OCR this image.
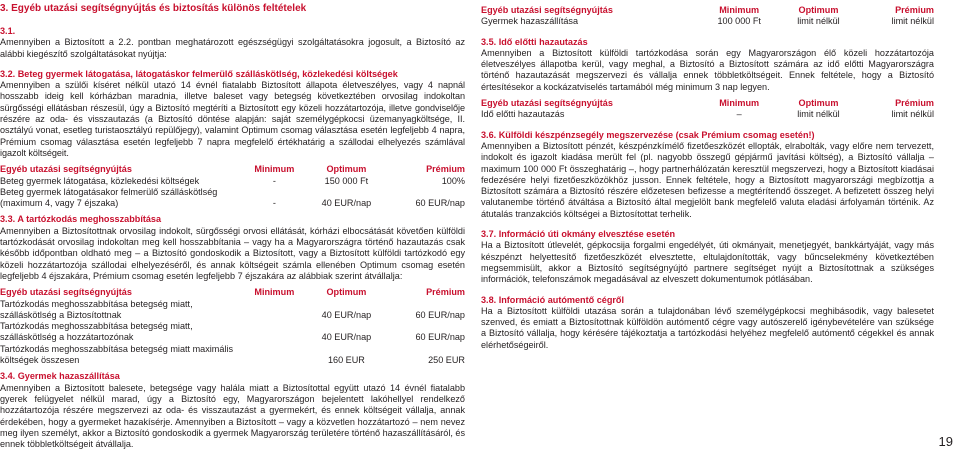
3. Egyéb utazási segítségnyújtás és biztosítás különös feltételek
3.1.

Amennyiben a Biztosított a 2.2. pontban meghatározott egészségügyi szolgáltatásokra jogosult, a Biztosító az alábbi kiegészítő szolgáltatásokat nyújtja:

3.2. Beteg gyermek látogatása, látogatáskor felmerülő szálláskötlség, közlekedési költségek

Amennyiben a szülői kíséret nélkül utazó 14 évnél fiatalabb Biztosított állapota életveszélyes, vagy 4 napnál hosszabb ideig kell kórházban maradnia, illetve baleset vagy betegség következtében orvosilag indokoltan sürgősségi ellátásban részesül, úgy a Biztosító megtéríti a Biztosított egy közeli hozzátartozója, illetve gondviselője részére az oda- és visszautazás (a Biztosító döntése alapján: saját személygépkocsi üzemanyagköltsége, II. osztályú vonat, esetleg turistaosztályú repülőjegy), valamint Optimum csomag választása esetén legfeljebb 4 napra, Prémium csomag választása esetén legfeljebb 7 napra megfelelő értékhatárig a szállodai elhelyezés számlával igazolt költségeit.

Egyéb utazási segítségnyújtás	Minimum	Optimum	Prémium
Beteg gyermek látogatása, közlekedési költségek	-	150 000 Ft	100%
Beteg gyermek látogatásakor felmerülő szálláskötlség (maximum 4, vagy 7 éjszaka)	-	40 EUR/nap	60 EUR/nap
3.3. A tartózkodás meghosszabbítása

Amennyiben a Biztosítottnak orvosilag indokolt, sürgősségi orvosi ellátását, kórházi elbocsátását követően külföldi tartózkodását orvosilag indokoltan meg kell hosszabbítania – vagy ha a Magyarországra történő hazautazás csak később időpontban oldható meg – a Biztosító gondoskodik a Biztosított, vagy a Biztosított külföldi tartózkodó egy közeli hozzátartozója szállodai elhelyezéséről, és annak költségeit számla ellenében Optimum csomag esetén legfeljebb 4 éjszakára, Prémium csomag esetén legfeljebb 7 éjszakára az alábbiak szerint átvállalja:

Egyéb utazási segítségnyújtás	Minimum	Optimum	Prémium
Tartózkodás meghosszabbítása betegség miatt, szálláskötlség a Biztosítottnak		40 EUR/nap	60 EUR/nap
Tartózkodás meghosszabbítása betegség miatt, szálláskötlség a hozzátartozónak		40 EUR/nap	60 EUR/nap
Tartózkodás meghosszabbítása betegség miatt maximális költségek összesen		160 EUR	250 EUR
3.4. Gyermek hazaszállítása

Amennyiben a Biztosított balesete, betegsége vagy halála miatt a Biztosítottal együtt utazó 14 évnél fiatalabb gyerek felügyelet nélkül marad, úgy a Biztosító egy, Magyarországon bejelentett lakóhellyel rendelkező hozzátartozója részére megszervezi az oda- és visszautazást a gyermekért, és ennek költségeit vállalja, annak érdekében, hogy a gyermeket hazakísérje. Amennyiben a Biztosított – vagy a közvetlen hozzátartozó – nem nevez meg ilyen személyt, akkor a Biztosító gondoskodik a gyermek Magyarország területére történő hazaszállításáról, és ennek többletköltségeit átvállalja.

Egyéb utazási segítségnyújtás	Minimum	Optimum	Prémium
Gyermek hazaszállítása	100 000 Ft	limit nélkül	limit nélkül
3.5. Idő előtti hazautazás

Amennyiben a Biztosított külföldi tartózkodása során egy Magyarországon élő közeli hozzátartozója életveszélyes állapotba kerül, vagy meghal, a Biztosító a Biztosított számára az idő előtti Magyarországra történő hazautazását megszervezi és vállalja ennek többletköltségeit. Ennek feltétele, hogy a Biztosító értesítésekor a kockázatviselés tartamából még minimum 3 nap legyen.

Egyéb utazási segítségnyújtás	Minimum	Optimum	Prémium
Idő előtti hazautazás	–	limit nélkül	limit nélkül
3.6. Külföldi készpénzsegély megszervezése (csak Prémium csomag esetén!)

Amennyiben a Biztosított pénzét, készpénzkímélő fizetőeszközét ellopták, elrabolták, vagy előre nem tervezett, indokolt és igazolt kiadása merült fel (pl. nagyobb összegű gépjármű javítási költség), a Biztosító vállalja – maximum 100 000 Ft összeghatárig –, hogy partnerhálózatán keresztül megszervezi, hogy a Biztosított kiadásai fedezésére helyi fizetőeszközökhöz jusson. Ennek feltétele, hogy a Biztosított magyarországi megbízottja a Biztosított számára a Biztosító részére előzetesen befizesse a megtérítendő összeget. A befizetett összeg helyi valutanembe történő átváltása a Biztosító által megjelölt bank megfelelő valuta eladási árfolyamán történik. Az átutalás tranzakciós költségei a Biztosítottat terhelik.

3.7. Információ úti okmány elvesztése esetén

Ha a Biztosított útlevelét, gépkocsija forgalmi engedélyét, úti okmányait, menetjegyét, bankkártyáját, vagy más készpénzt helyettesítő fizetőeszközét elvesztette, eltulajdonították, vagy bűncselekmény következtében megsemmisült, akkor a Biztosító segítségnyújtó partnere segítséget nyújt a Biztosítottnak a szükséges információk, telefonszámok megadásával az elveszett dokumentumok pótlásában.

3.8. Információ autómentő cégről

Ha a Biztosított külföldi utazása során a tulajdonában lévő személygépkocsi meghibásodik, vagy balesetet szenved, és emiatt a Biztosítottnak külföldön autómentő cégre vagy autószerelő igénybevételére van szüksége a Biztosító vállalja, hogy kérésére tájékoztatja a tartózkodási helyéhez megfelelő autómentő cégekkel és annak elérhetőségeiről.

19
